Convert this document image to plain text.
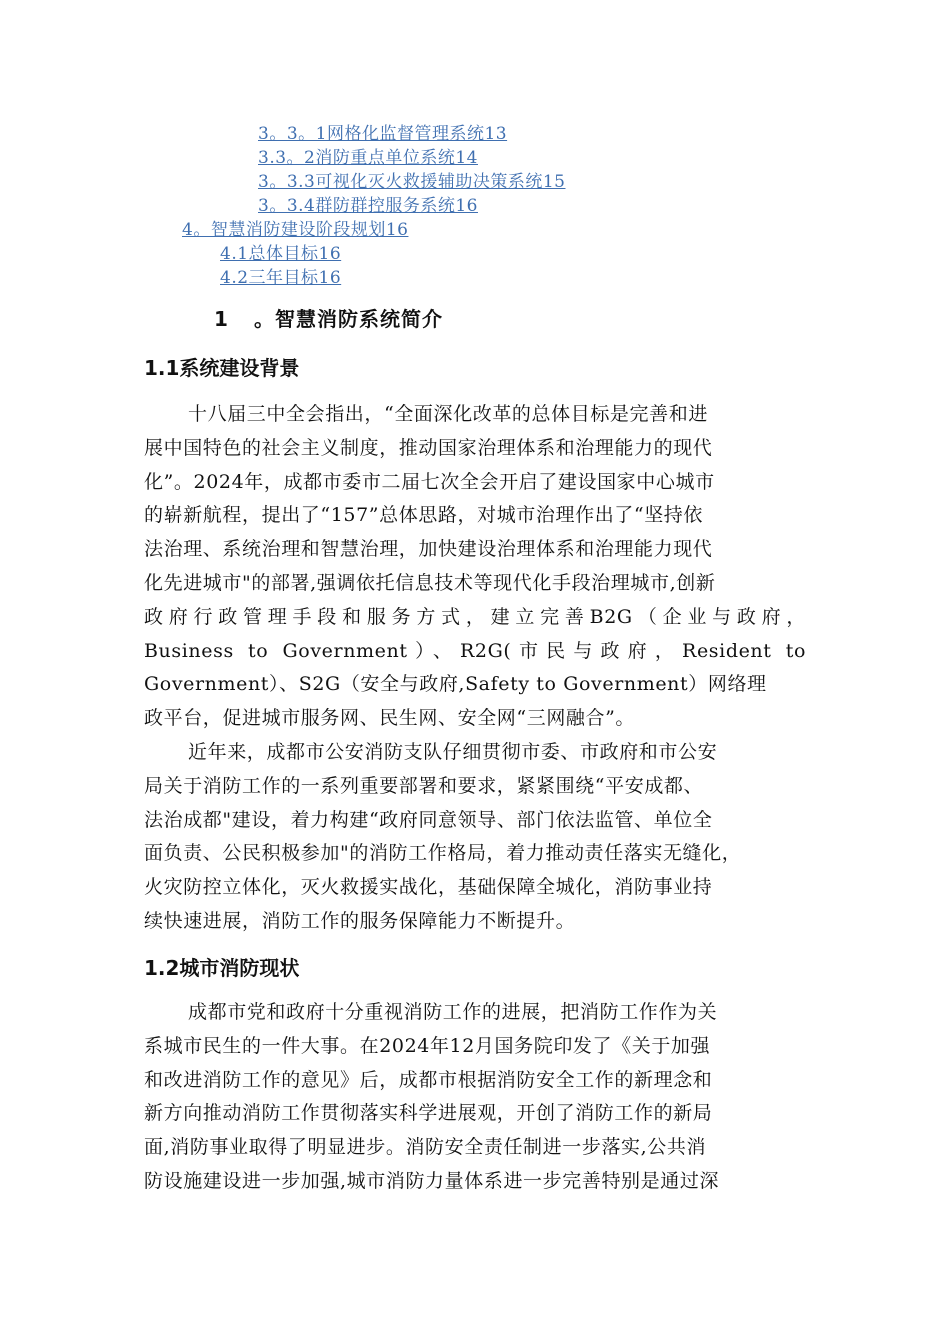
3。3。1网格化监督管理系统13
3.3。2消防重点单位系统14
3。3.3可视化灭火救援辅助决策系统15
3。3.4群防群控服务系统16
4。智慧消防建设阶段规划16
4.1总体目标16
4.2三年目标16
1 。智慧消防系统简介
1.1系统建设背景
十八届三中全会指出，“全面深化改革的总体目标是完善和进
展中国特色的社会主义制度，推动国家治理体系和治理能力的现代
化”。2024年，成都市委市二届七次全会开启了建设国家中心城市
的崭新航程，提出了“157”总体思路，对城市治理作出了“坚持依
法治理、系统治理和智慧治理，加快建设治理体系和治理能力现代
化先进城市"的部署,强调依托信息技术等现代化手段治理城市,创新
政府行政管理手段和服务方式，建立完善B2G（企业与政府，
Business to Government）、R2G(市民与政府，Resident to
Government）、S2G（安全与政府,Safety to Government）网络理
政平台，促进城市服务网、民生网、安全网“三网融合”。
近年来，成都市公安消防支队仔细贯彻市委、市政府和市公安
局关于消防工作的一系列重要部署和要求，紧紧围绕“平安成都、
法治成都"建设，着力构建“政府同意领导、部门依法监管、单位全
面负责、公民积极参加"的消防工作格局，着力推动责任落实无缝化，
火灾防控立体化，灭火救援实战化，基础保障全城化，消防事业持
续快速进展，消防工作的服务保障能力不断提升。
1.2城市消防现状
成都市党和政府十分重视消防工作的进展，把消防工作作为关
系城市民生的一件大事。在2024年12月国务院印发了《关于加强
和改进消防工作的意见》后，成都市根据消防安全工作的新理念和
新方向推动消防工作贯彻落实科学进展观，开创了消防工作的新局
面,消防事业取得了明显进步。消防安全责任制进一步落实,公共消
防设施建设进一步加强,城市消防力量体系进一步完善特别是通过深
